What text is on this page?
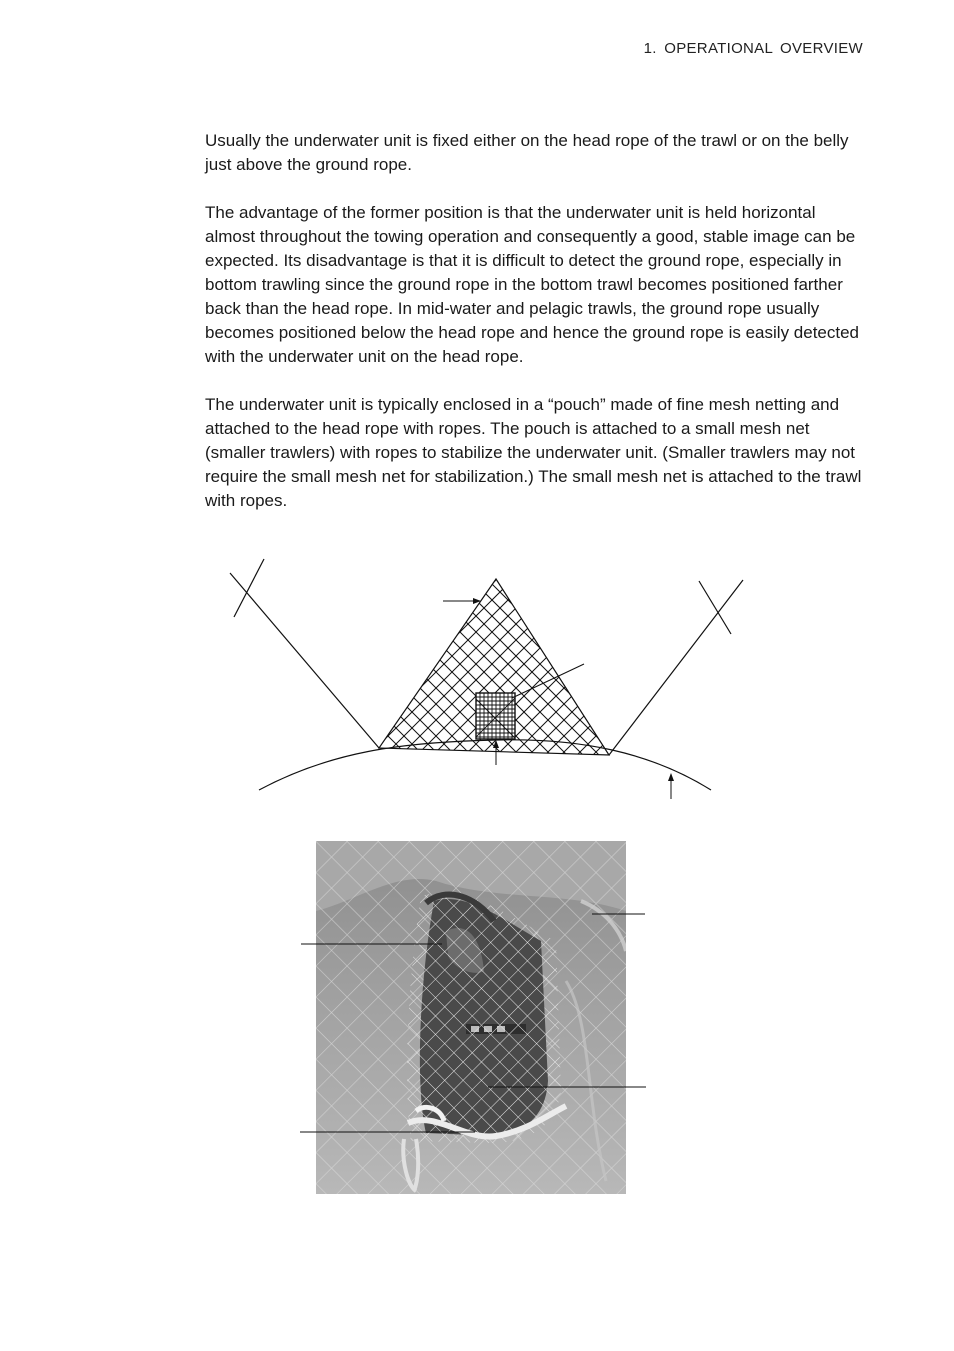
1. OPERATIONAL OVERVIEW

Usually the underwater unit is fixed either on the head rope of the trawl or on the belly just above the ground rope.

The advantage of the former position is that the underwater unit is held horizontal almost throughout the towing operation and consequently a good, stable image can be expected. Its disadvantage is that it is difficult to detect the ground rope, especially in bottom trawling since the ground rope in the bottom trawl becomes positioned farther back than the head rope. In mid-water and pelagic trawls, the ground rope usually becomes positioned below the head rope and hence the ground rope is easily detected with the underwater unit on the head rope.

The underwater unit is typically enclosed in a “pouch” made of fine mesh netting and attached to the head rope with ropes. The pouch is attached to a small mesh net (smaller trawlers) with ropes to stabilize the underwater unit. (Smaller trawlers may not require the small mesh net for stabilization.) The small mesh net is attached to the trawl with ropes.
